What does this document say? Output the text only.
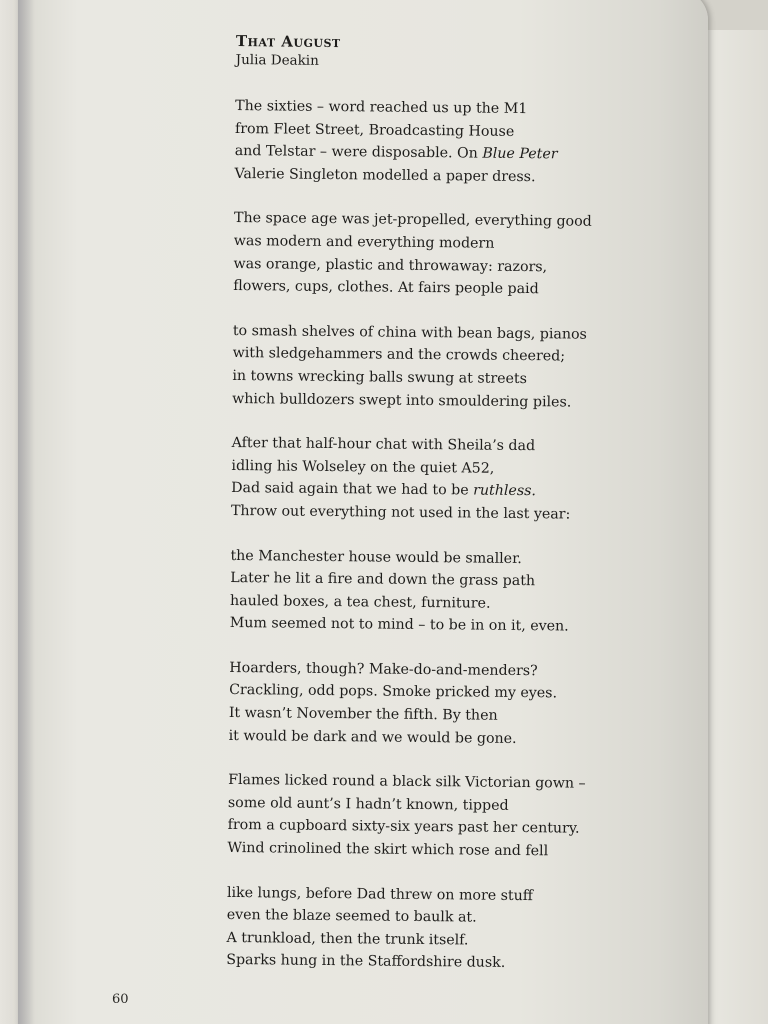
That August
Julia Deakin
The sixties – word reached us up the M1
from Fleet Street, Broadcasting House
and Telstar – were disposable. On Blue Peter
Valerie Singleton modelled a paper dress.
The space age was jet-propelled, everything good
was modern and everything modern
was orange, plastic and throwaway: razors,
flowers, cups, clothes. At fairs people paid
to smash shelves of china with bean bags, pianos
with sledgehammers and the crowds cheered;
in towns wrecking balls swung at streets
which bulldozers swept into smouldering piles.
After that half-hour chat with Sheila’s dad
idling his Wolseley on the quiet A52,
Dad said again that we had to be ruthless.
Throw out everything not used in the last year:
the Manchester house would be smaller.
Later he lit a fire and down the grass path
hauled boxes, a tea chest, furniture.
Mum seemed not to mind – to be in on it, even.
Hoarders, though? Make-do-and-menders?
Crackling, odd pops. Smoke pricked my eyes.
It wasn’t November the fifth. By then
it would be dark and we would be gone.
Flames licked round a black silk Victorian gown –
some old aunt’s I hadn’t known, tipped
from a cupboard sixty-six years past her century.
Wind crinolined the skirt which rose and fell
like lungs, before Dad threw on more stuff
even the blaze seemed to baulk at.
A trunkload, then the trunk itself.
Sparks hung in the Staffordshire dusk.
60
